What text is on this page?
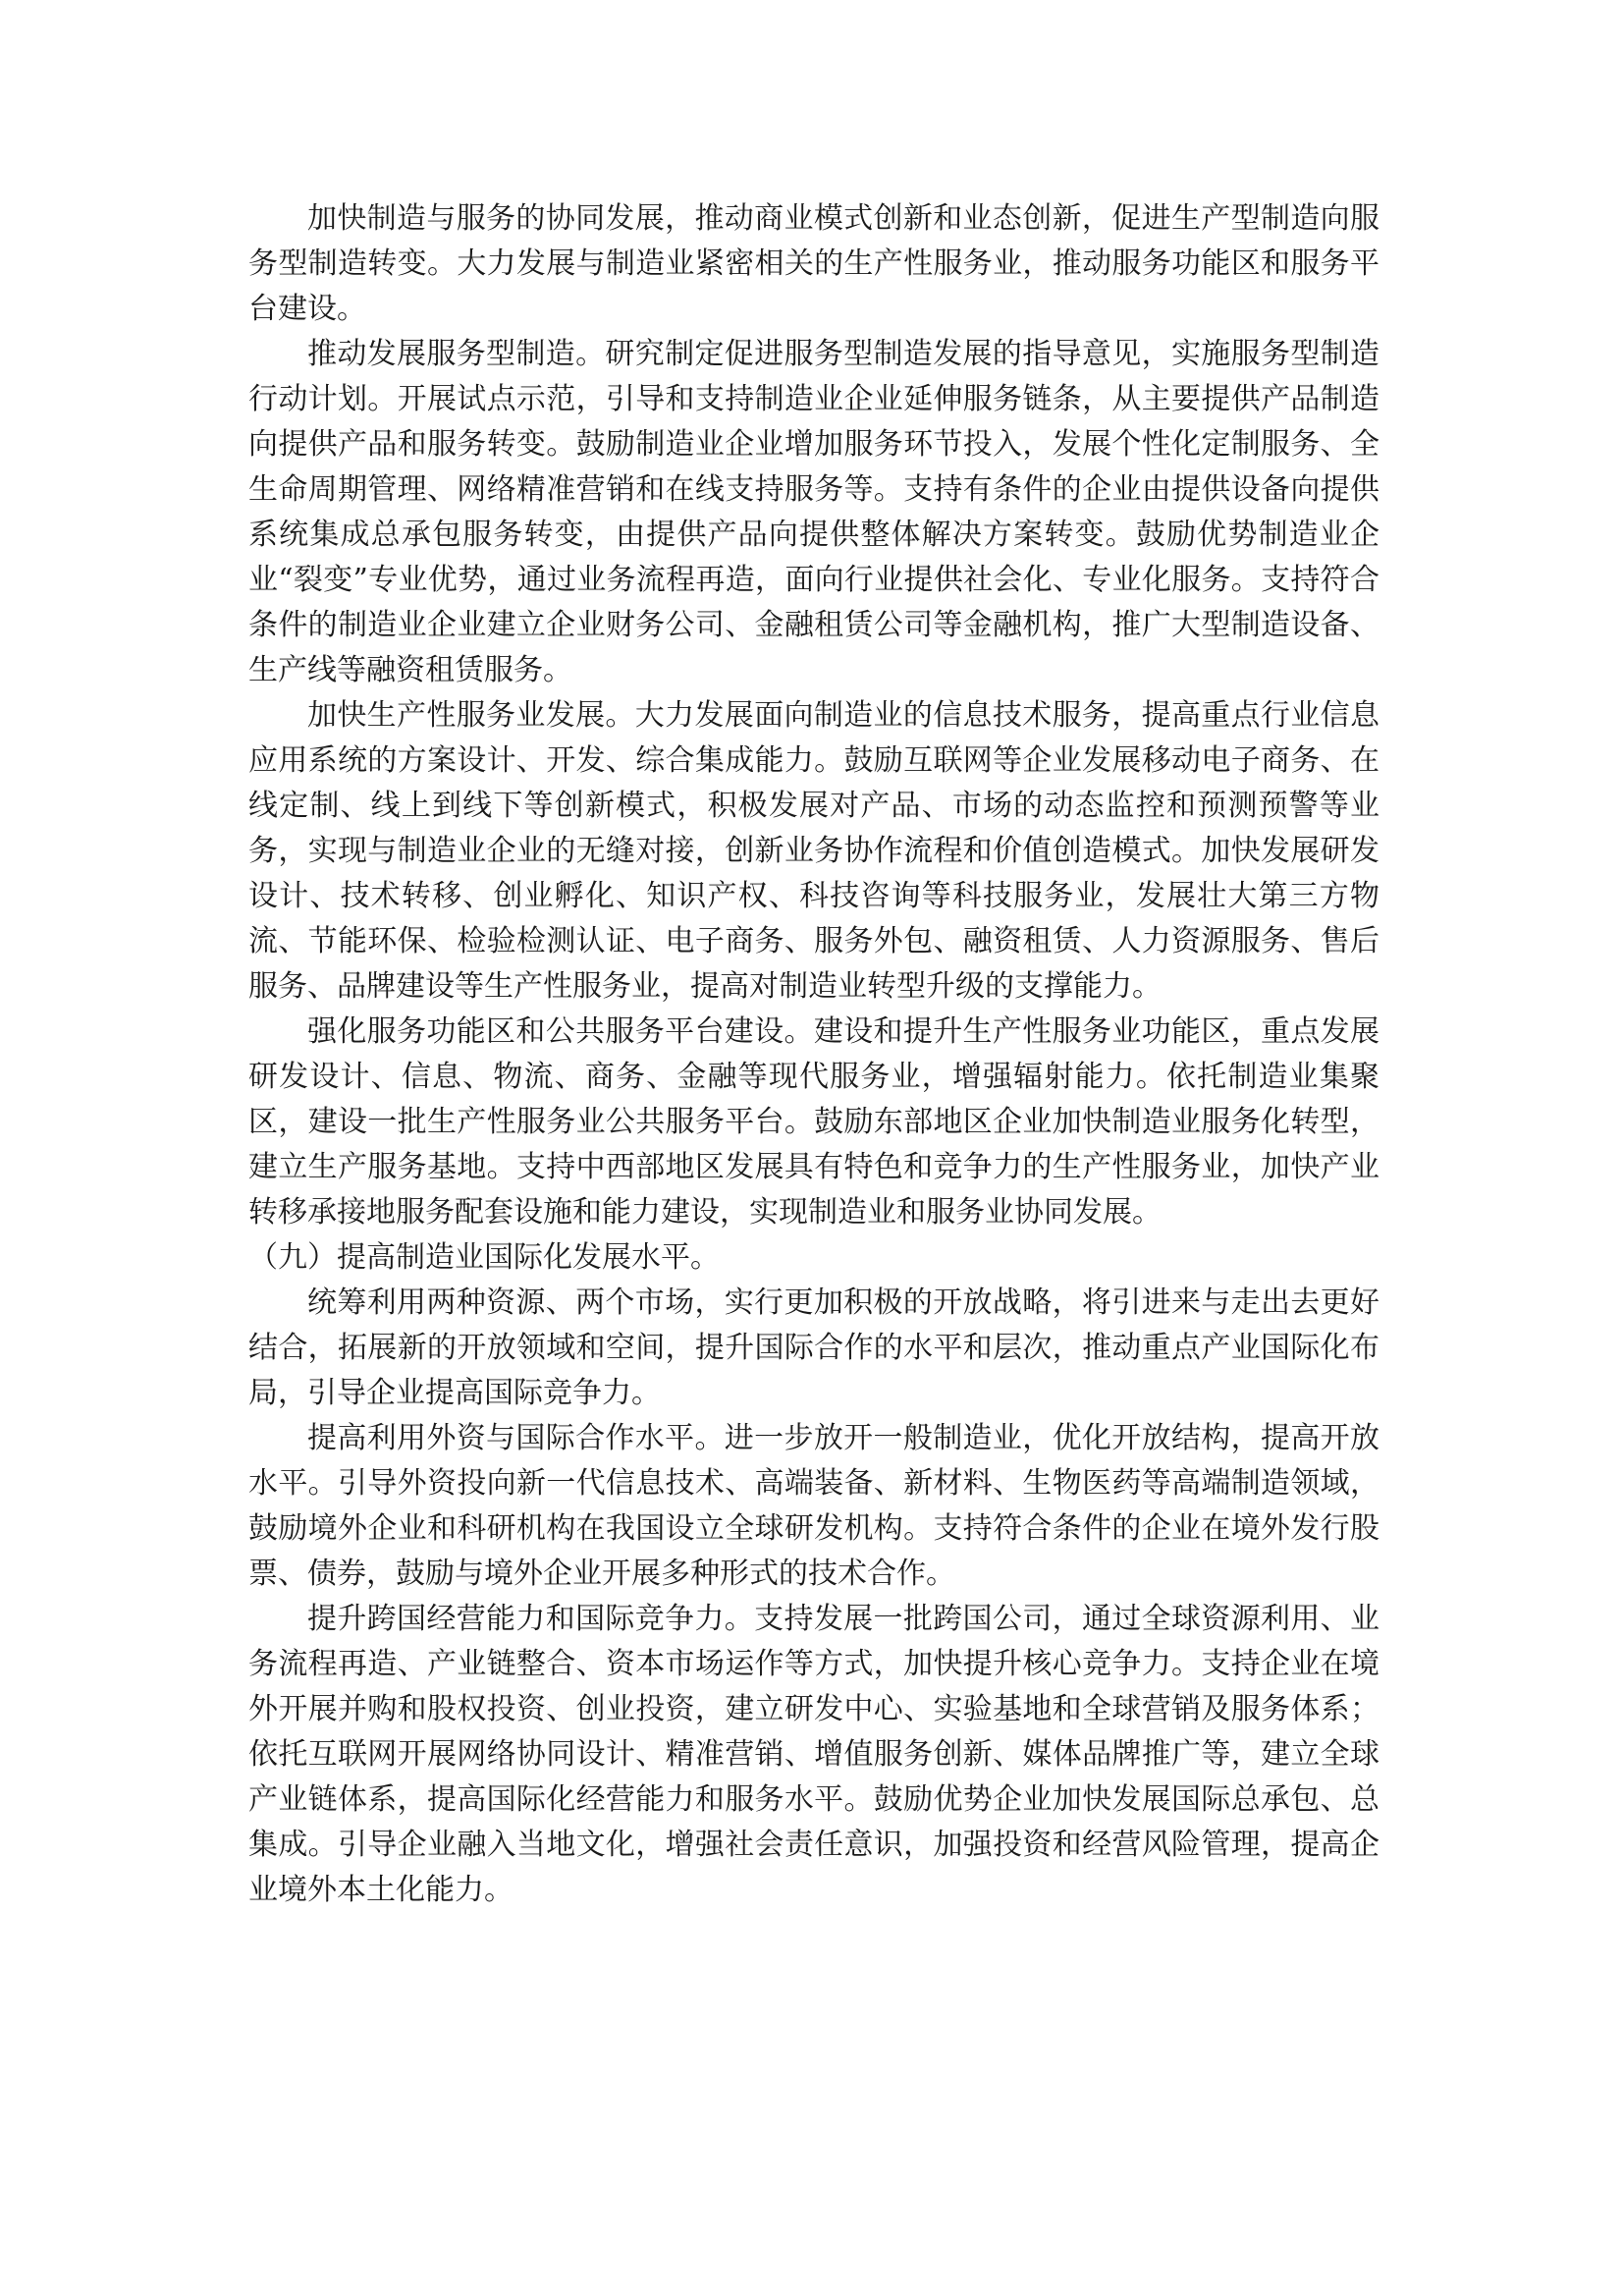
加快制造与服务的协同发展，推动商业模式创新和业态创新，促进生产型制造向服务型制造转变。大力发展与制造业紧密相关的生产性服务业，推动服务功能区和服务平台建设。

推动发展服务型制造。研究制定促进服务型制造发展的指导意见，实施服务型制造行动计划。开展试点示范，引导和支持制造业企业延伸服务链条，从主要提供产品制造向提供产品和服务转变。鼓励制造业企业增加服务环节投入，发展个性化定制服务、全生命周期管理、网络精准营销和在线支持服务等。支持有条件的企业由提供设备向提供系统集成总承包服务转变，由提供产品向提供整体解决方案转变。鼓励优势制造业企业“裂变”专业优势，通过业务流程再造，面向行业提供社会化、专业化服务。支持符合条件的制造业企业建立企业财务公司、金融租赁公司等金融机构，推广大型制造设备、生产线等融资租赁服务。

加快生产性服务业发展。大力发展面向制造业的信息技术服务，提高重点行业信息应用系统的方案设计、开发、综合集成能力。鼓励互联网等企业发展移动电子商务、在线定制、线上到线下等创新模式，积极发展对产品、市场的动态监控和预测预警等业务，实现与制造业企业的无缝对接，创新业务协作流程和价值创造模式。加快发展研发设计、技术转移、创业孵化、知识产权、科技咨询等科技服务业，发展壮大第三方物流、节能环保、检验检测认证、电子商务、服务外包、融资租赁、人力资源服务、售后服务、品牌建设等生产性服务业，提高对制造业转型升级的支撑能力。

强化服务功能区和公共服务平台建设。建设和提升生产性服务业功能区，重点发展研发设计、信息、物流、商务、金融等现代服务业，增强辐射能力。依托制造业集聚区，建设一批生产性服务业公共服务平台。鼓励东部地区企业加快制造业服务化转型，建立生产服务基地。支持中西部地区发展具有特色和竞争力的生产性服务业，加快产业转移承接地服务配套设施和能力建设，实现制造业和服务业协同发展。

（九）提高制造业国际化发展水平。

统筹利用两种资源、两个市场，实行更加积极的开放战略，将引进来与走出去更好结合，拓展新的开放领域和空间，提升国际合作的水平和层次，推动重点产业国际化布局，引导企业提高国际竞争力。

提高利用外资与国际合作水平。进一步放开一般制造业，优化开放结构，提高开放水平。引导外资投向新一代信息技术、高端装备、新材料、生物医药等高端制造领域，鼓励境外企业和科研机构在我国设立全球研发机构。支持符合条件的企业在境外发行股票、债券，鼓励与境外企业开展多种形式的技术合作。

提升跨国经营能力和国际竞争力。支持发展一批跨国公司，通过全球资源利用、业务流程再造、产业链整合、资本市场运作等方式，加快提升核心竞争力。支持企业在境外开展并购和股权投资、创业投资，建立研发中心、实验基地和全球营销及服务体系；依托互联网开展网络协同设计、精准营销、增值服务创新、媒体品牌推广等，建立全球产业链体系，提高国际化经营能力和服务水平。鼓励优势企业加快发展国际总承包、总集成。引导企业融入当地文化，增强社会责任意识，加强投资和经营风险管理，提高企业境外本土化能力。
